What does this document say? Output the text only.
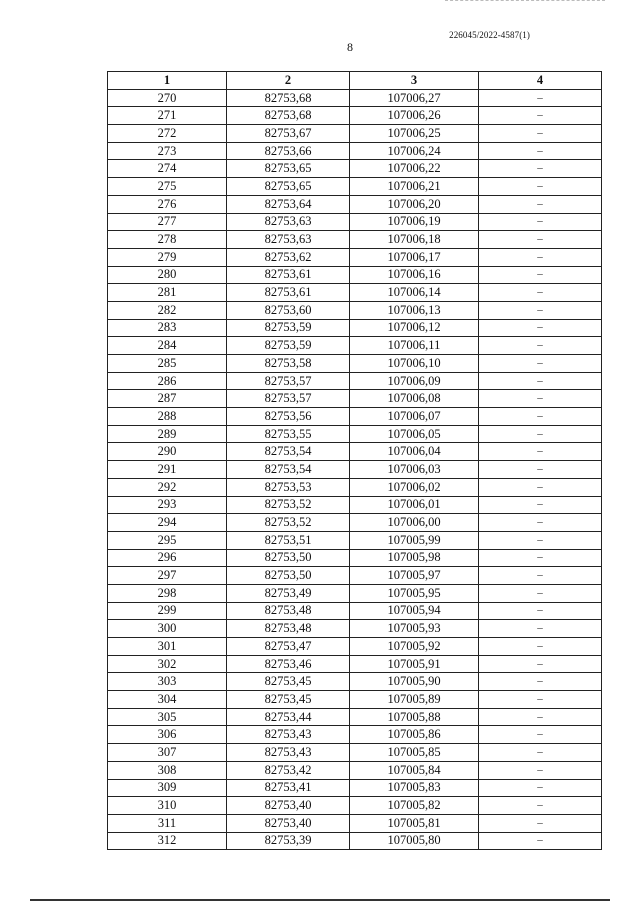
226045/2022-4587(1)
8
1	2	3	4
270	82753,68	107006,27	–
271	82753,68	107006,26	–
272	82753,67	107006,25	–
273	82753,66	107006,24	–
274	82753,65	107006,22	–
275	82753,65	107006,21	–
276	82753,64	107006,20	–
277	82753,63	107006,19	–
278	82753,63	107006,18	–
279	82753,62	107006,17	–
280	82753,61	107006,16	–
281	82753,61	107006,14	–
282	82753,60	107006,13	–
283	82753,59	107006,12	–
284	82753,59	107006,11	–
285	82753,58	107006,10	–
286	82753,57	107006,09	–
287	82753,57	107006,08	–
288	82753,56	107006,07	–
289	82753,55	107006,05	–
290	82753,54	107006,04	–
291	82753,54	107006,03	–
292	82753,53	107006,02	–
293	82753,52	107006,01	–
294	82753,52	107006,00	–
295	82753,51	107005,99	–
296	82753,50	107005,98	–
297	82753,50	107005,97	–
298	82753,49	107005,95	–
299	82753,48	107005,94	–
300	82753,48	107005,93	–
301	82753,47	107005,92	–
302	82753,46	107005,91	–
303	82753,45	107005,90	–
304	82753,45	107005,89	–
305	82753,44	107005,88	–
306	82753,43	107005,86	–
307	82753,43	107005,85	–
308	82753,42	107005,84	–
309	82753,41	107005,83	–
310	82753,40	107005,82	–
311	82753,40	107005,81	–
312	82753,39	107005,80	–
